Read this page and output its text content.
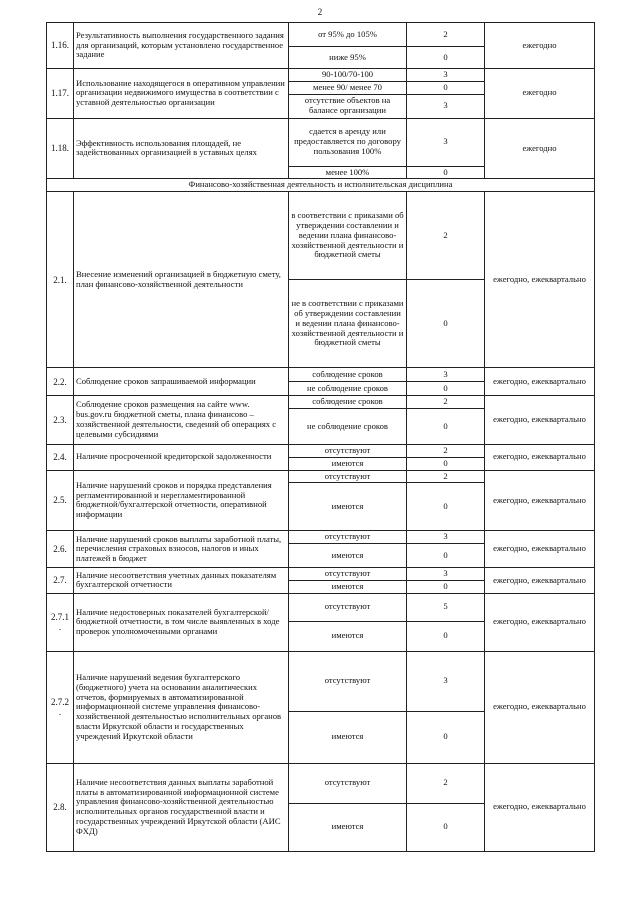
2
1.16.	Результативность выполнения государственного задания для организаций, которым установлено государственное задание	от 95% до 105%	2	ежегодно
		ниже 95%	0	
1.17.	Использование находящегося в оперативном управлении организации недвижимого имущества в соответствии с уставной деятельностью организации	90-100/70-100	3	ежегодно
		менее 90/ менее 70	0	
		отсутствие объектов на балансе организации	3	
1.18.	Эффективность использования площадей, не задействованных организацией в уставных целях	сдается в аренду или предоставляется по договору пользования 100%	3	ежегодно
		менее 100%	0	
Финансово-хозяйственная деятельность и исполнительская дисциплина				
2.1.	Внесение изменений организацией в бюджетную смету, план финансово-хозяйственной деятельности	в соответствии с приказами об утверждении составлении и ведении плана финансово-хозяйственной деятельности и бюджетной сметы	2	ежегодно, ежеквартально
		не в соответствии с приказами об утверждении составлении и ведении плана финансово-хозяйственной деятельности и бюджетной сметы	0	
2.2.	Соблюдение сроков запрашиваемой информации	соблюдение сроков	3	ежегодно, ежеквартально
		не соблюдение сроков	0	
2.3.	Соблюдение сроков размещения на сайте www. bus.gov.ru бюджетной сметы, плана финансово – хозяйственной деятельности, сведений об операциях с целевыми субсидиями	соблюдение сроков	2	ежегодно, ежеквартально
		не соблюдение сроков	0	
2.4.	Наличие просроченной кредиторской задолженности	отсутствуют	2	ежегодно, ежеквартально
		имеются	0	
2.5.	Наличие нарушений сроков и порядка представления регламентированной и нерегламентированной бюджетной/бухгалтерской отчетности, оперативной информации	отсутствуют	2	ежегодно, ежеквартально
		имеются	0	
2.6.	Наличие нарушений сроков выплаты заработной платы, перечисления страховых взносов, налогов и иных платежей в бюджет	отсутствуют	3	ежегодно, ежеквартально
		имеются	0	
2.7.	Наличие несоответствия учетных данных показателям бухгалтерской отчетности	отсутствуют	3	ежегодно, ежеквартально
		имеются	0	
2.7.1 .	Наличие недостоверных показателей бухгалтерской/бюджетной отчетности, в том числе выявленных в ходе проверок уполномоченными органами	отсутствуют	5	ежегодно, ежеквартально
		имеются	0	
2.7.2 .	Наличие нарушений ведения бухгалтерского (бюджетного) учета на основании аналитических отчетов, формируемых в автоматизированной информационной системе управления финансово-хозяйственной деятельностью исполнительных органов власти Иркутской области и государственных учреждений Иркутской области	отсутствуют	3	ежегодно, ежеквартально
		имеются	0	
2.8.	Наличие несоответствия данных выплаты заработной платы в автоматизированной информационной системе управления финансово-хозяйственной деятельностью исполнительных органов государственной власти и государственных учреждений Иркутской области (АИС ФХД)	отсутствуют	2	ежегодно, ежеквартально
		имеются	0	
